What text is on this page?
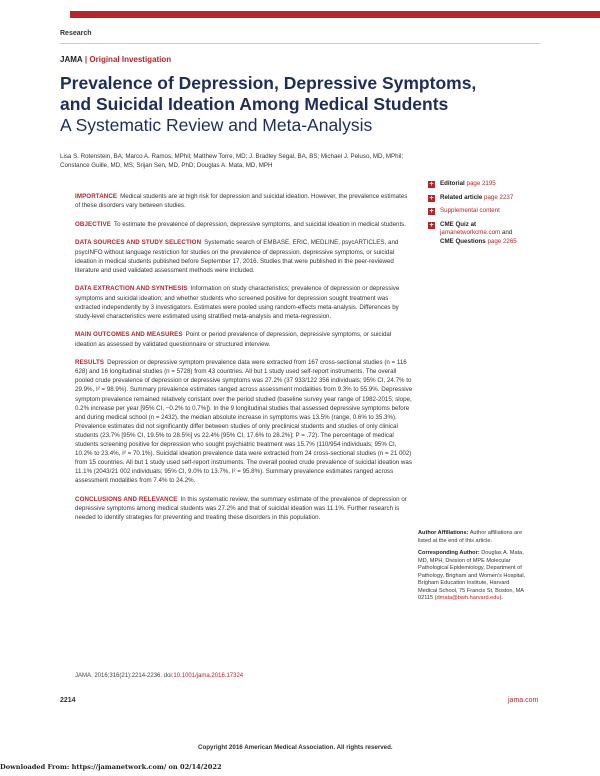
Research
JAMA | Original Investigation
Prevalence of Depression, Depressive Symptoms,
and Suicidal Ideation Among Medical Students
A Systematic Review and Meta-Analysis
Lisa S. Rotenstein, BA; Marco A. Ramos, MPhil; Matthew Torre, MD; J. Bradley Segal, BA, BS; Michael J. Peluso, MD, MPhil;
Constance Guille, MD, MS; Srijan Sen, MD, PhD; Douglas A. Mata, MD, MPH

IMPORTANCE Medical students are at high risk for depression and suicidal ideation. However, the prevalence estimates of these disorders vary between studies.

OBJECTIVE To estimate the prevalence of depression, depressive symptoms, and suicidal ideation in medical students.

DATA SOURCES AND STUDY SELECTION Systematic search of EMBASE, ERIC, MEDLINE, psycARTICLES, and psycINFO without language restriction for studies on the prevalence of depression, depressive symptoms, or suicidal ideation in medical students published before September 17, 2016. Studies that were published in the peer-reviewed literature and used validated assessment methods were included.

DATA EXTRACTION AND SYNTHESIS Information on study characteristics; prevalence of depression or depressive symptoms and suicidal ideation; and whether students who screened positive for depression sought treatment was extracted independently by 3 investigators. Estimates were pooled using random-effects meta-analysis. Differences by study-level characteristics were estimated using stratified meta-analysis and meta-regression.

MAIN OUTCOMES AND MEASURES Point or period prevalence of depression, depressive symptoms, or suicidal ideation as assessed by validated questionnaire or structured interview.

RESULTS Depression or depressive symptom prevalence data were extracted from 167 cross-sectional studies (n = 116 628) and 16 longitudinal studies (n = 5728) from 43 countries. All but 1 study used self-report instruments. The overall pooled crude prevalence of depression or depressive symptoms was 27.2% (37 933/122 356 individuals; 95% CI, 24.7% to 29.9%, I² = 98.9%). Summary prevalence estimates ranged across assessment modalities from 9.3% to 55.9%. Depressive symptom prevalence remained relatively constant over the period studied (baseline survey year range of 1982-2015; slope, 0.2% increase per year [95% CI, −0.2% to 0.7%]). In the 9 longitudinal studies that assessed depressive symptoms before and during medical school (n = 2432), the median absolute increase in symptoms was 13.5% (range, 0.6% to 35.3%). Prevalence estimates did not significantly differ between studies of only preclinical students and studies of only clinical students (23.7% [95% CI, 19.5% to 28.5%] vs 22.4% [95% CI, 17.6% to 28.2%]; P = .72). The percentage of medical students screening positive for depression who sought psychiatric treatment was 15.7% (110/954 individuals; 95% CI, 10.2% to 23.4%, I² = 70.1%). Suicidal ideation prevalence data were extracted from 24 cross-sectional studies (n = 21 002) from 15 countries. All but 1 study used self-report instruments. The overall pooled crude prevalence of suicidal ideation was 11.1% (2043/21 002 individuals; 95% CI, 9.0% to 13.7%, I² = 95.8%). Summary prevalence estimates ranged across assessment modalities from 7.4% to 24.2%.

CONCLUSIONS AND RELEVANCE In this systematic review, the summary estimate of the prevalence of depression or depressive symptoms among medical students was 27.2% and that of suicidal ideation was 11.1%. Further research is needed to identify strategies for preventing and treating these disorders in this population.

JAMA. 2016;316(21):2214-2236. doi:10.1001/jama.2016.17324
+ Editorial page 2195
+ Related article page 2237
+ Supplemental content
+ CME Quiz at
jamanetworkcme.com and
CME Questions page 2265

Author Affiliations: Author affiliations are listed at the end of this article.

Corresponding Author: Douglas A. Mata, MD, MPH, Division of MPE Molecular Pathological Epidemiology, Department of Pathology, Brigham and Women's Hospital, Brigham Education Institute, Harvard Medical School, 75 Francis St, Boston, MA 02115 (dmata@bwh.harvard.edu).

2214	jama.com
Copyright 2016 American Medical Association. All rights reserved.
Downloaded From: https://jamanetwork.com/ on 02/14/2022
